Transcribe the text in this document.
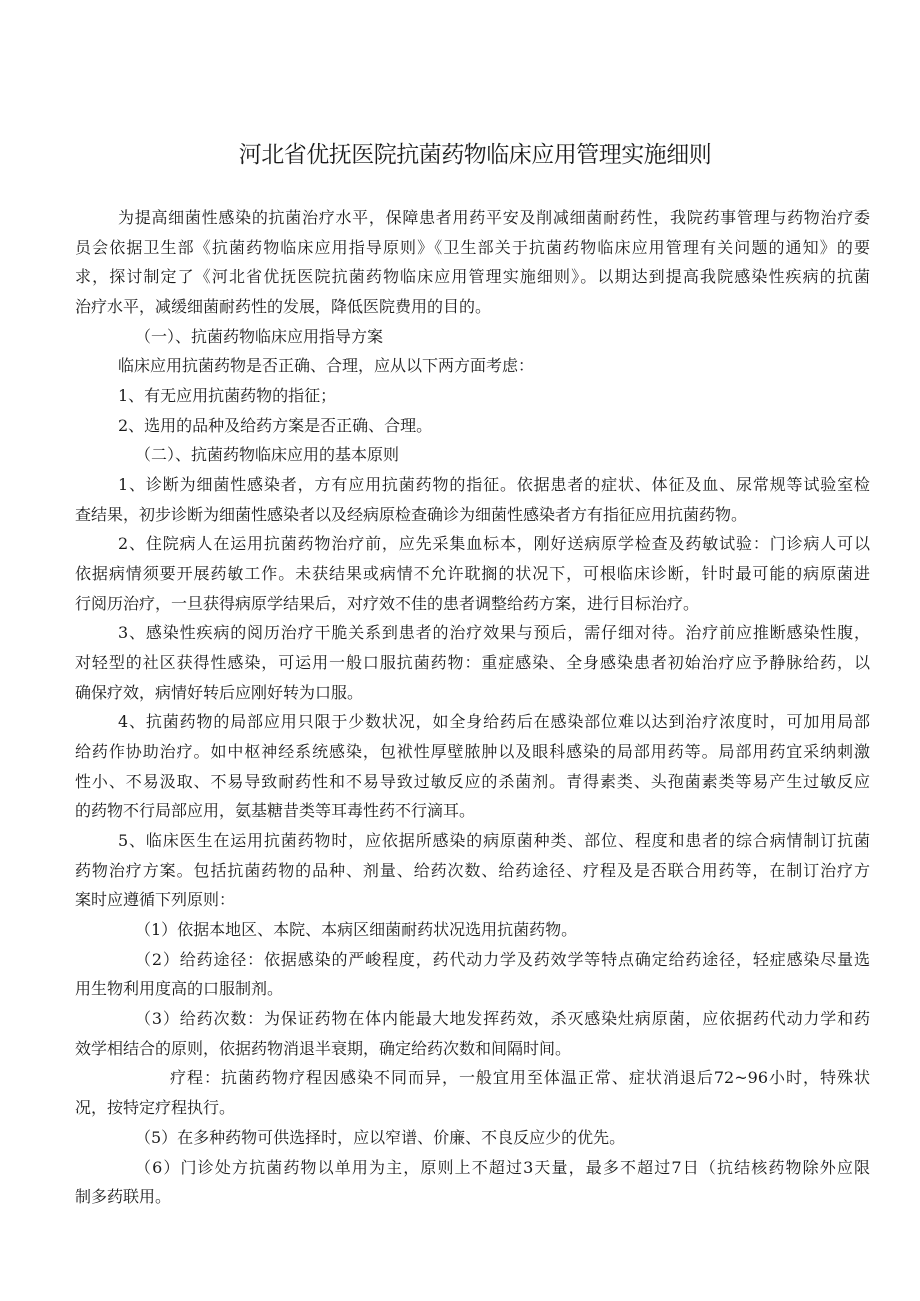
河北省优抚医院抗菌药物临床应用管理实施细则
为提高细菌性感染的抗菌治疗水平，保障患者用药平安及削减细菌耐药性，我院药事管理与药物治疗委
员会依据卫生部《抗菌药物临床应用指导原则》《卫生部关于抗菌药物临床应用管理有关问题的通知》的要
求，探讨制定了《河北省优抚医院抗菌药物临床应用管理实施细则》。以期达到提高我院感染性疾病的抗菌
治疗水平，减缓细菌耐药性的发展，降低医院费用的目的。
（一）、抗菌药物临床应用指导方案
临床应用抗菌药物是否正确、合理，应从以下两方面考虑：
1、有无应用抗菌药物的指征；
2、选用的品种及给药方案是否正确、合理。
（二）、抗菌药物临床应用的基本原则
1、诊断为细菌性感染者，方有应用抗菌药物的指征。依据患者的症状、体征及血、尿常规等试验室检
查结果，初步诊断为细菌性感染者以及经病原检查确诊为细菌性感染者方有指征应用抗菌药物。
2、住院病人在运用抗菌药物治疗前，应先采集血标本，刚好送病原学检查及药敏试验：门诊病人可以
依据病情须要开展药敏工作。未获结果或病情不允许耽搁的状况下，可根临床诊断，针时最可能的病原菌进
行阅历治疗，一旦获得病原学结果后，对疗效不佳的患者调整给药方案，进行目标治疗。
3、感染性疾病的阅历治疗干脆关系到患者的治疗效果与预后，需仔细对待。治疗前应推断感染性腹，
对轻型的社区获得性感染，可运用一般口服抗菌药物：重症感染、全身感染患者初始治疗应予静脉给药，以
确保疗效，病情好转后应刚好转为口服。
4、抗菌药物的局部应用只限于少数状况，如全身给药后在感染部位难以达到治疗浓度时，可加用局部
给药作协助治疗。如中枢神经系统感染，包袱性厚壁脓肿以及眼科感染的局部用药等。局部用药宜采纳刺激
性小、不易汲取、不易导致耐药性和不易导致过敏反应的杀菌剂。青得素类、头孢菌素类等易产生过敏反应
的药物不行局部应用，氨基糖昔类等耳毒性药不行滴耳。
5、临床医生在运用抗菌药物时，应依据所感染的病原菌种类、部位、程度和患者的综合病情制订抗菌
药物治疗方案。包括抗菌药物的品种、剂量、给药次数、给药途径、疗程及是否联合用药等，在制订治疗方
案时应遵循下列原则：
（1）依据本地区、本院、本病区细菌耐药状况选用抗菌药物。
（2）给药途径：依据感染的严峻程度，药代动力学及药效学等特点确定给药途径，轻症感染尽量选
用生物利用度高的口服制剂。
（3）给药次数：为保证药物在体内能最大地发挥药效，杀灭感染灶病原菌，应依据药代动力学和药
效学相结合的原则，依据药物消退半衰期，确定给药次数和间隔时间。
疗程：抗菌药物疗程因感染不同而异，一般宜用至体温正常、症状消退后72~96小时，特殊状
况，按特定疗程执行。
（5）在多种药物可供选择时，应以窄谱、价廉、不良反应少的优先。
（6）门诊处方抗菌药物以单用为主，原则上不超过3天量，最多不超过7日（抗结核药物除外应限
制多药联用。
